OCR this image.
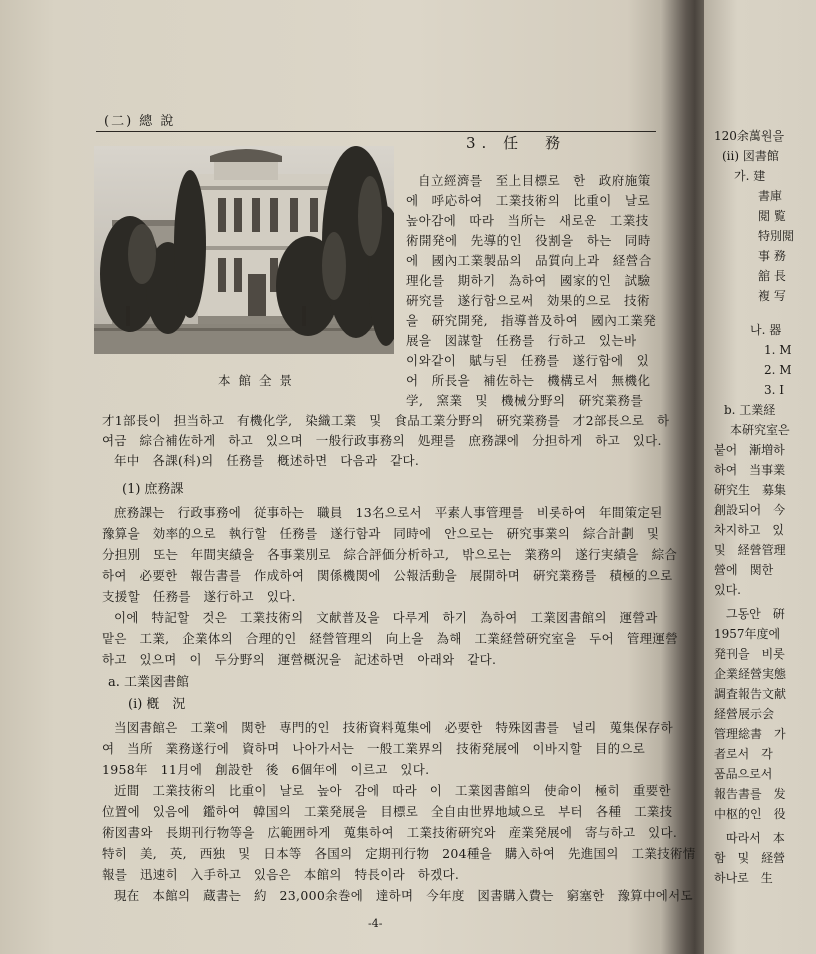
(二) 總 說
本 館 全 景
3. 任　務
自立經濟를　至上目標로　한　政府施策
에　呼応하여　工業技術의　比重이　날로
높아감에　따라　当所는　새로운　工業技
術開発에　先導的인　役割을　하는　同時
에　國內工業製品의　品質向上과　経營合
理化를　期하기　為하여　國家的인　試驗
硏究를　遂行함으로써　効果的으로　技術
을　硏究開発,　指導普及하여　國內工業発
展을　図謀할　任務를　行하고　있는바
이와같이　賦与된　任務를　遂行함에　있
어　所長을　補佐하는　機構로서　無機化
学,　窯業　및　機械分野의　硏究業務를
才1部長이　担当하고　有機化学,　染織工業　및　食品工業分野의　硏究業務를　才2部長으로　하
여금　綜合補佐하게　하고　있으며　一般行政事務의　処理를　庶務課에　分担하게　하고　있다.
年中　各課(科)의　任務를　槪述하면　다음과　같다.
(1) 庶務課
庶務課는　行政事務에　従事하는　職員　13名으로서　平素人事管理를　비롯하여　年間策定된
豫算을　効率的으로　執行할　任務를　遂行함과　同時에　안으로는　硏究事業의　綜合計劃　및
分担別　또는　年間実績을　各事業別로　綜合評価分析하고,　밖으로는　業務의　遂行実績을　綜合
하여　必要한　報告書를　作成하여　関係機関에　公報活動을　展開하며　硏究業務를　積極的으로
支援할　任務를　遂行하고　있다.
이에　特記할　것은　工業技術의　文献普及을　다루게　하기　為하여　工業図書館의　運營과
맡은　工業,　企業体의　合理的인　経營管理의　向上을　為해　工業経營硏究室을　두어　管理運營
하고　있으며　이　두分野의　運營概況을　記述하면　아래와　같다.
a. 工業図書館
(i) 槪　況
当図書館은　工業에　関한　専門的인　技術資料蒐集에　必要한　特殊図書를　널리　蒐集保存하
여　当所　業務遂行에　資하며　나아가서는　一般工業界의　技術発展에　이바지할　目的으로
1958年　11月에　創設한　後　6個年에　이르고　있다.
近間　工業技術의　比重이　날로　높아　감에　따라　이　工業図書館의　使命이　極히　重要한
位置에　있음에　鑑하여　韓国의　工業発展을　目標로　全自由世界地域으로　부터　各種　工業技
術図書와　長期刊行物等을　広範囲하게　蒐集하여　工業技術硏究와　産業発展에　寄与하고　있다.
特히　美,　英,　西独　및　日本等　各国의　定期刊行物　204種을　購入하여　先進国의　工業技術情
報를　迅速히　入手하고　있음은　本館의　特長이라　하겠다.
現在　本館의　蔵書는　約　23,000余巻에　達하며　今年度　図書購入費는　窮塞한　豫算中에서도
-4-
120余萬원을
(ii) 図書館
가. 建
書庫
閲 覧
特別閲
事 務
舘 長
複 写
나. 器
1. M
2. M
3. I
b. 工業経
本硏究室은
붙어　漸増하
하여　当事業
硏究生　募集
創設되어　今
차지하고　있
및　経營管理
營에　関한
있다.
그동안　硏
1957年度에
発刊을　비롯
企業経營実態
調査報告文献
経營展示会
管理総書　가
者로서　각
품品으로서
報告書를　发
中枢的인　役
따라서　本
함　및　経營
하나로　生
